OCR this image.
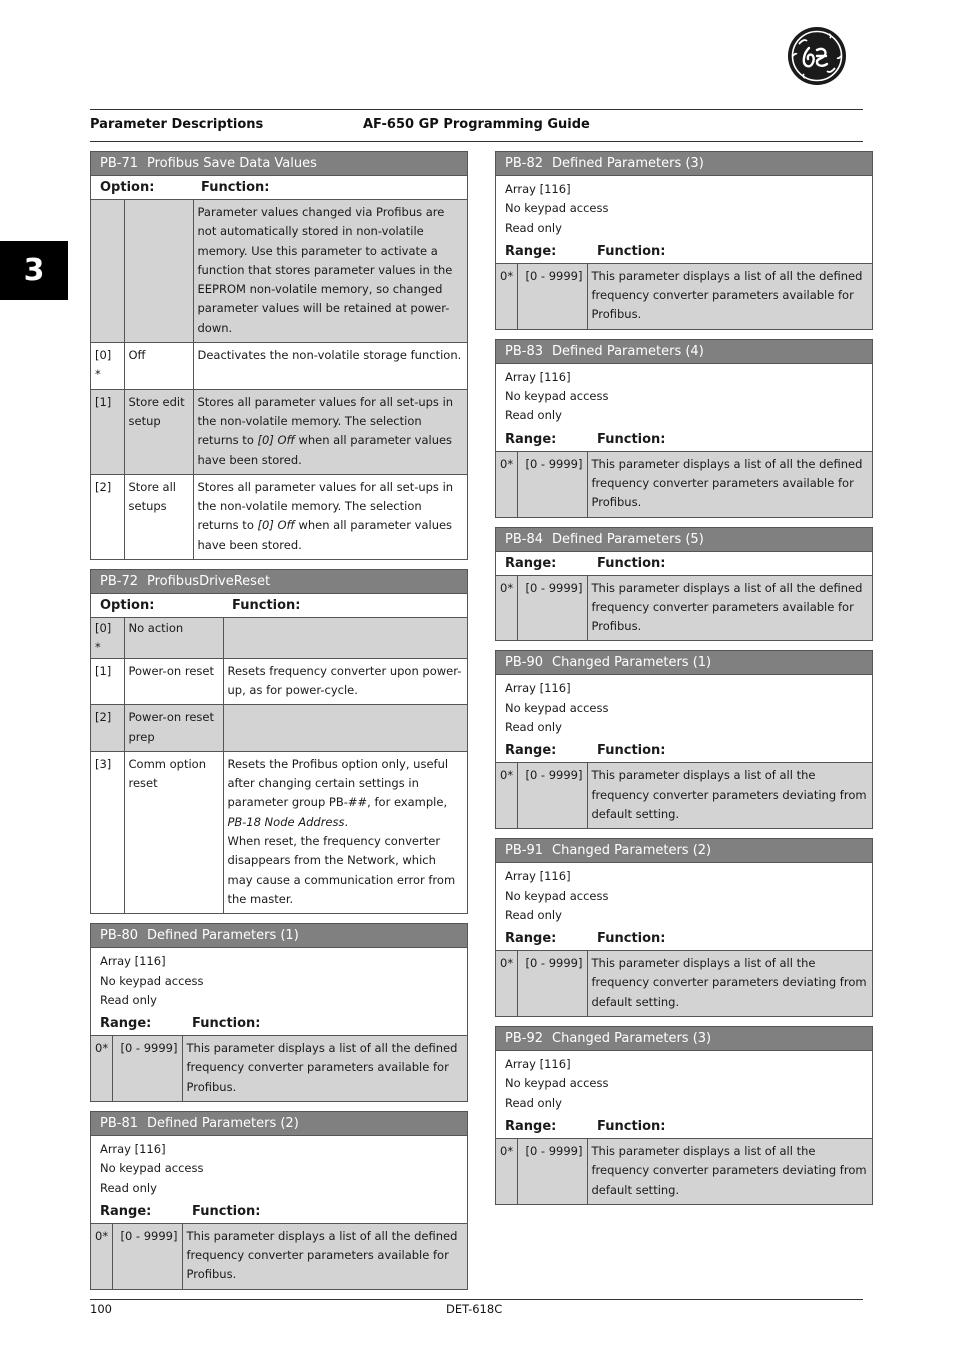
Parameter Descriptions	AF-650 GP Programming Guide
3
PB-71 Profibus Save Data Values
Option:	Function:
		Parameter values changed via Profibus are not automatically stored in non-volatile memory. Use this parameter to activate a function that stores parameter values in the EEPROM non-volatile memory, so changed parameter values will be retained at power-down.
[0] *	Off	Deactivates the non-volatile storage function.
[1]	Store edit setup	Stores all parameter values for all set-ups in the non-volatile memory. The selection returns to [0] Off when all parameter values have been stored.
[2]	Store all setups	Stores all parameter values for all set-ups in the non-volatile memory. The selection returns to [0] Off when all parameter values have been stored.
PB-72 ProfibusDriveReset
Option:	Function:
[0] *	No action	
[1]	Power-on reset	Resets frequency converter upon power-up, as for power-cycle.
[2]	Power-on reset prep	
[3]	Comm option reset	Resets the Profibus option only, useful after changing certain settings in parameter group PB-##, for example, PB-18 Node Address.
When reset, the frequency converter disappears from the Network, which may cause a communication error from the master.
PB-80 Defined Parameters (1)
Array [116]
No keypad access
Read only
Range:	Function:
0*	[0 - 9999]	This parameter displays a list of all the defined frequency converter parameters available for Profibus.
PB-81 Defined Parameters (2)
Array [116]
No keypad access
Read only
Range:	Function:
0*	[0 - 9999]	This parameter displays a list of all the defined frequency converter parameters available for Profibus.
PB-82 Defined Parameters (3)
Array [116]
No keypad access
Read only
Range:	Function:
0*	[0 - 9999]	This parameter displays a list of all the defined frequency converter parameters available for Profibus.
PB-83 Defined Parameters (4)
Array [116]
No keypad access
Read only
Range:	Function:
0*	[0 - 9999]	This parameter displays a list of all the defined frequency converter parameters available for Profibus.
PB-84 Defined Parameters (5)
Range:	Function:
0*	[0 - 9999]	This parameter displays a list of all the defined frequency converter parameters available for Profibus.
PB-90 Changed Parameters (1)
Array [116]
No keypad access
Read only
Range:	Function:
0*	[0 - 9999]	This parameter displays a list of all the frequency converter parameters deviating from default setting.
PB-91 Changed Parameters (2)
Array [116]
No keypad access
Read only
Range:	Function:
0*	[0 - 9999]	This parameter displays a list of all the frequency converter parameters deviating from default setting.
PB-92 Changed Parameters (3)
Array [116]
No keypad access
Read only
Range:	Function:
0*	[0 - 9999]	This parameter displays a list of all the frequency converter parameters deviating from default setting.
100	DET-618C
